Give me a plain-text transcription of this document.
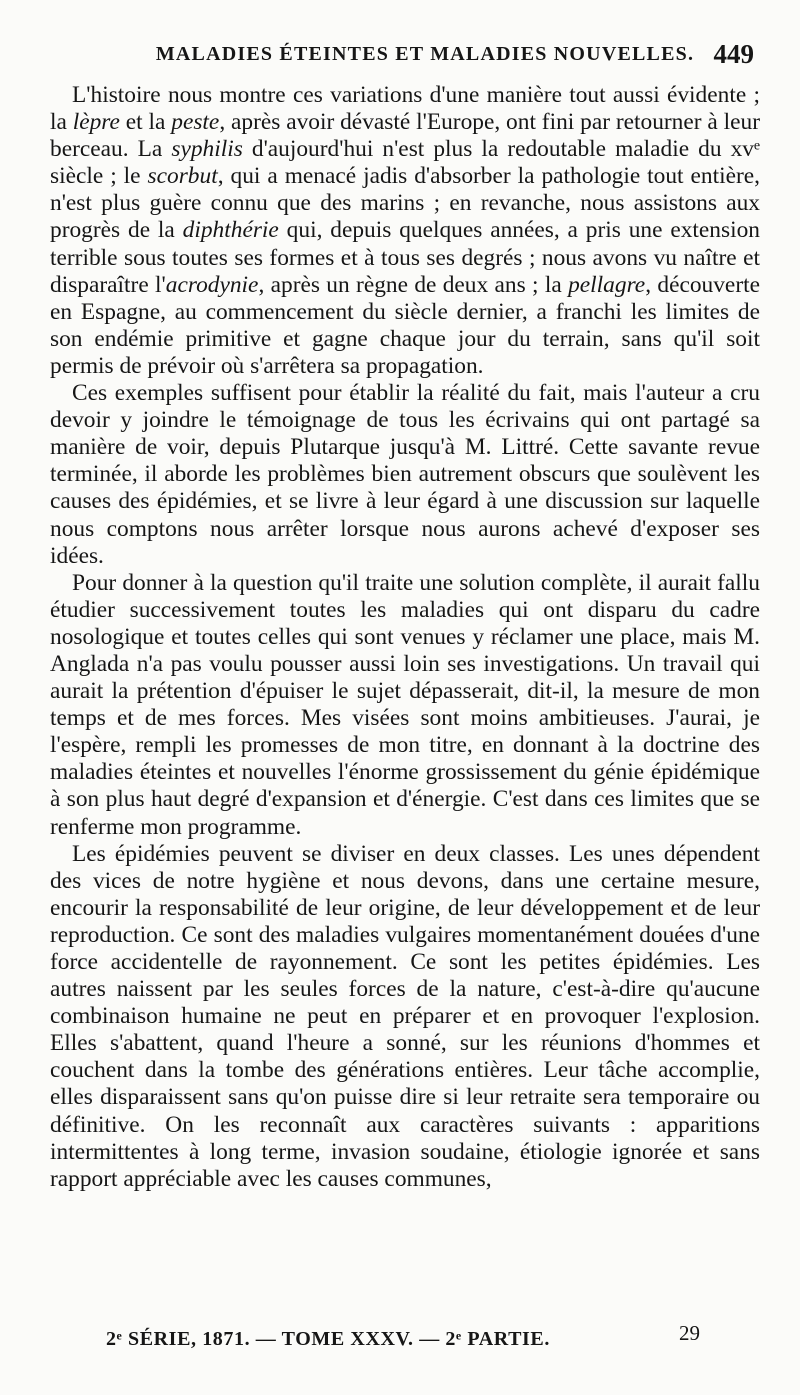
MALADIES ÉTEINTES ET MALADIES NOUVELLES. 449

L'histoire nous montre ces variations d'une manière tout aussi évidente ; la lèpre et la peste, après avoir dévasté l'Europe, ont fini par retourner à leur berceau. La syphilis d'aujourd'hui n'est plus la redoutable maladie du xvᵉ siècle ; le scorbut, qui a menacé jadis d'absorber la pathologie tout entière, n'est plus guère connu que des marins ; en revanche, nous assistons aux progrès de la diphthérie qui, depuis quelques années, a pris une extension terrible sous toutes ses formes et à tous ses degrés ; nous avons vu naître et disparaître l'acrodynie, après un règne de deux ans ; la pellagre, découverte en Espagne, au commencement du siècle dernier, a franchi les limites de son endémie primitive et gagne chaque jour du terrain, sans qu'il soit permis de prévoir où s'arrêtera sa propagation.

Ces exemples suffisent pour établir la réalité du fait, mais l'auteur a cru devoir y joindre le témoignage de tous les écrivains qui ont partagé sa manière de voir, depuis Plutarque jusqu'à M. Littré. Cette savante revue terminée, il aborde les problèmes bien autrement obscurs que soulèvent les causes des épidémies, et se livre à leur égard à une discussion sur laquelle nous comptons nous arrêter lorsque nous aurons achevé d'exposer ses idées.

Pour donner à la question qu'il traite une solution complète, il aurait fallu étudier successivement toutes les maladies qui ont disparu du cadre nosologique et toutes celles qui sont venues y réclamer une place, mais M. Anglada n'a pas voulu pousser aussi loin ses investigations. Un travail qui aurait la prétention d'épuiser le sujet dépasserait, dit-il, la mesure de mon temps et de mes forces. Mes visées sont moins ambitieuses. J'aurai, je l'espère, rempli les promesses de mon titre, en donnant à la doctrine des maladies éteintes et nouvelles l'énorme grossissement du génie épidémique à son plus haut degré d'expansion et d'énergie. C'est dans ces limites que se renferme mon programme.

Les épidémies peuvent se diviser en deux classes. Les unes dépendent des vices de notre hygiène et nous devons, dans une certaine mesure, encourir la responsabilité de leur origine, de leur développement et de leur reproduction. Ce sont des maladies vulgaires momentanément douées d'une force accidentelle de rayonnement. Ce sont les petites épidémies. Les autres naissent par les seules forces de la nature, c'est-à-dire qu'aucune combinaison humaine ne peut en préparer et en provoquer l'explosion. Elles s'abattent, quand l'heure a sonné, sur les réunions d'hommes et couchent dans la tombe des générations entières. Leur tâche accomplie, elles disparaissent sans qu'on puisse dire si leur retraite sera temporaire ou définitive. On les reconnaît aux caractères suivants : apparitions intermittentes à long terme, invasion soudaine, étiologie ignorée et sans rapport appréciable avec les causes communes,

2ᵉ SÉRIE, 1871. — TOME XXXV. — 2ᵉ PARTIE.	29
